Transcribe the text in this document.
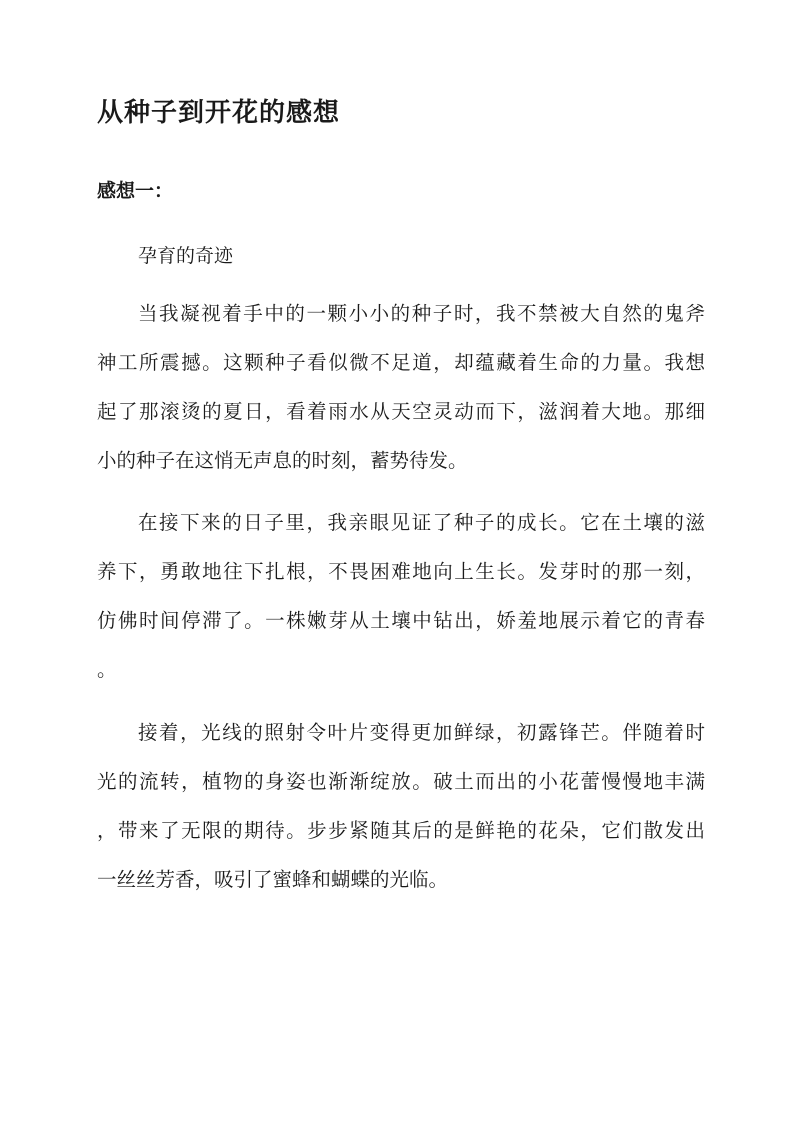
从种子到开花的感想
感想一：
孕育的奇迹
当我凝视着手中的一颗小小的种子时，我不禁被大自然的鬼斧
神工所震撼。这颗种子看似微不足道，却蕴藏着生命的力量。我想
起了那滚烫的夏日，看着雨水从天空灵动而下，滋润着大地。那细
小的种子在这悄无声息的时刻，蓄势待发。
在接下来的日子里，我亲眼见证了种子的成长。它在土壤的滋
养下，勇敢地往下扎根，不畏困难地向上生长。发芽时的那一刻，
仿佛时间停滞了。一株嫩芽从土壤中钻出，娇羞地展示着它的青春
。
接着，光线的照射令叶片变得更加鲜绿，初露锋芒。伴随着时
光的流转，植物的身姿也渐渐绽放。破土而出的小花蕾慢慢地丰满
，带来了无限的期待。步步紧随其后的是鲜艳的花朵，它们散发出
一丝丝芳香，吸引了蜜蜂和蝴蝶的光临。
